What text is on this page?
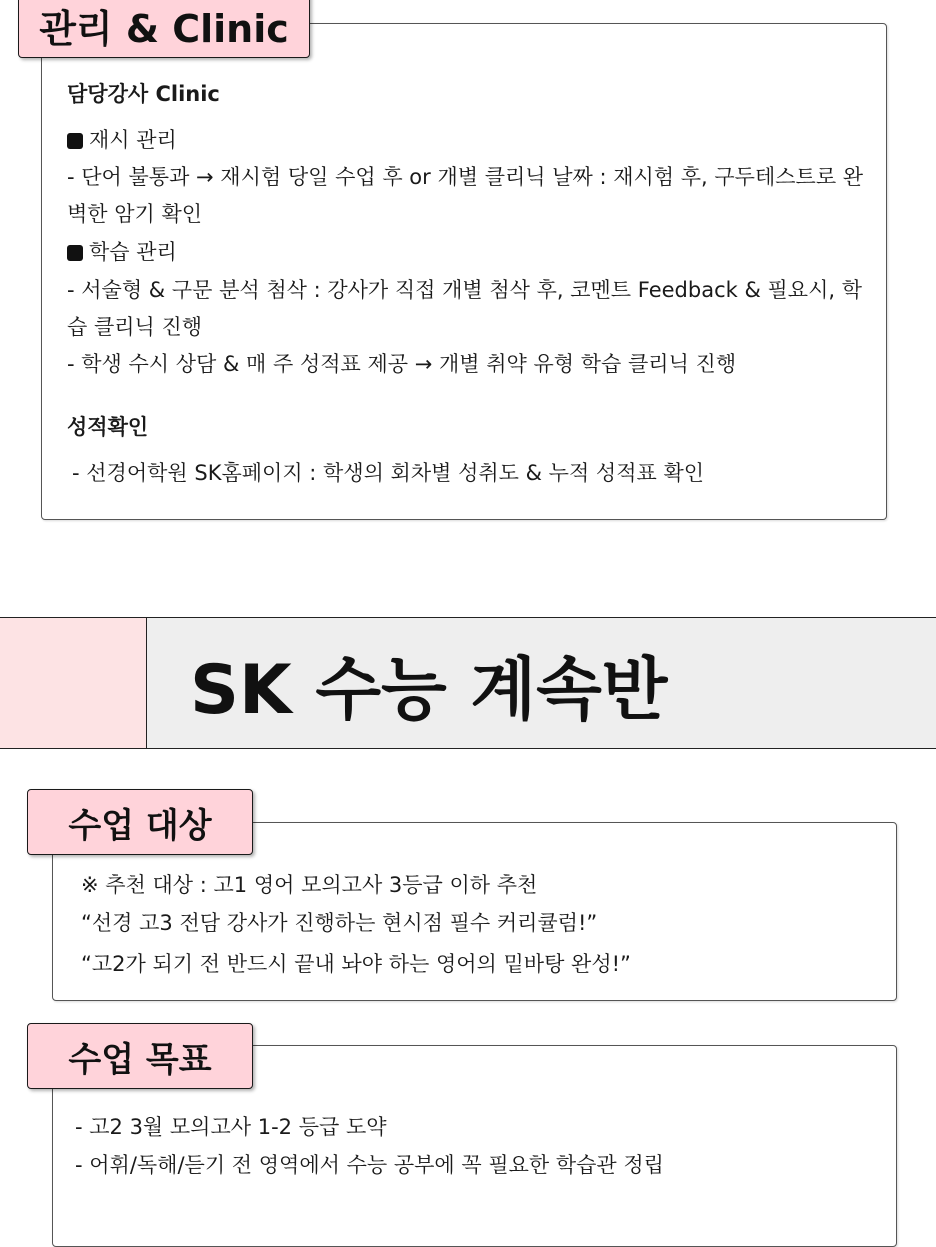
담당강사 Clinic
재시 관리
- 단어 불통과 → 재시험 당일 수업 후 or 개별 클리닉 날짜 : 재시험 후, 구두테스트로 완
벽한 암기 확인
학습 관리
- 서술형 & 구문 분석 첨삭 : 강사가 직접 개별 첨삭 후, 코멘트 Feedback & 필요시, 학
습 클리닉 진행
- 학생 수시 상담 & 매 주 성적표 제공 → 개별 취약 유형 학습 클리닉 진행
성적확인
- 선경어학원 SK홈페이지 : 학생의 회차별 성취도 & 누적 성적표 확인
관리 & Clinic
SK 수능 계속반
※ 추천 대상 : 고1 영어 모의고사 3등급 이하 추천
“선경 고3 전담 강사가 진행하는 현시점 필수 커리큘럼!”
“고2가 되기 전 반드시 끝내 놔야 하는 영어의 밑바탕 완성!”
수업 대상
- 고2 3월 모의고사 1-2 등급 도약
- 어휘/독해/듣기 전 영역에서 수능 공부에 꼭 필요한 학습관 정립
수업 목표
